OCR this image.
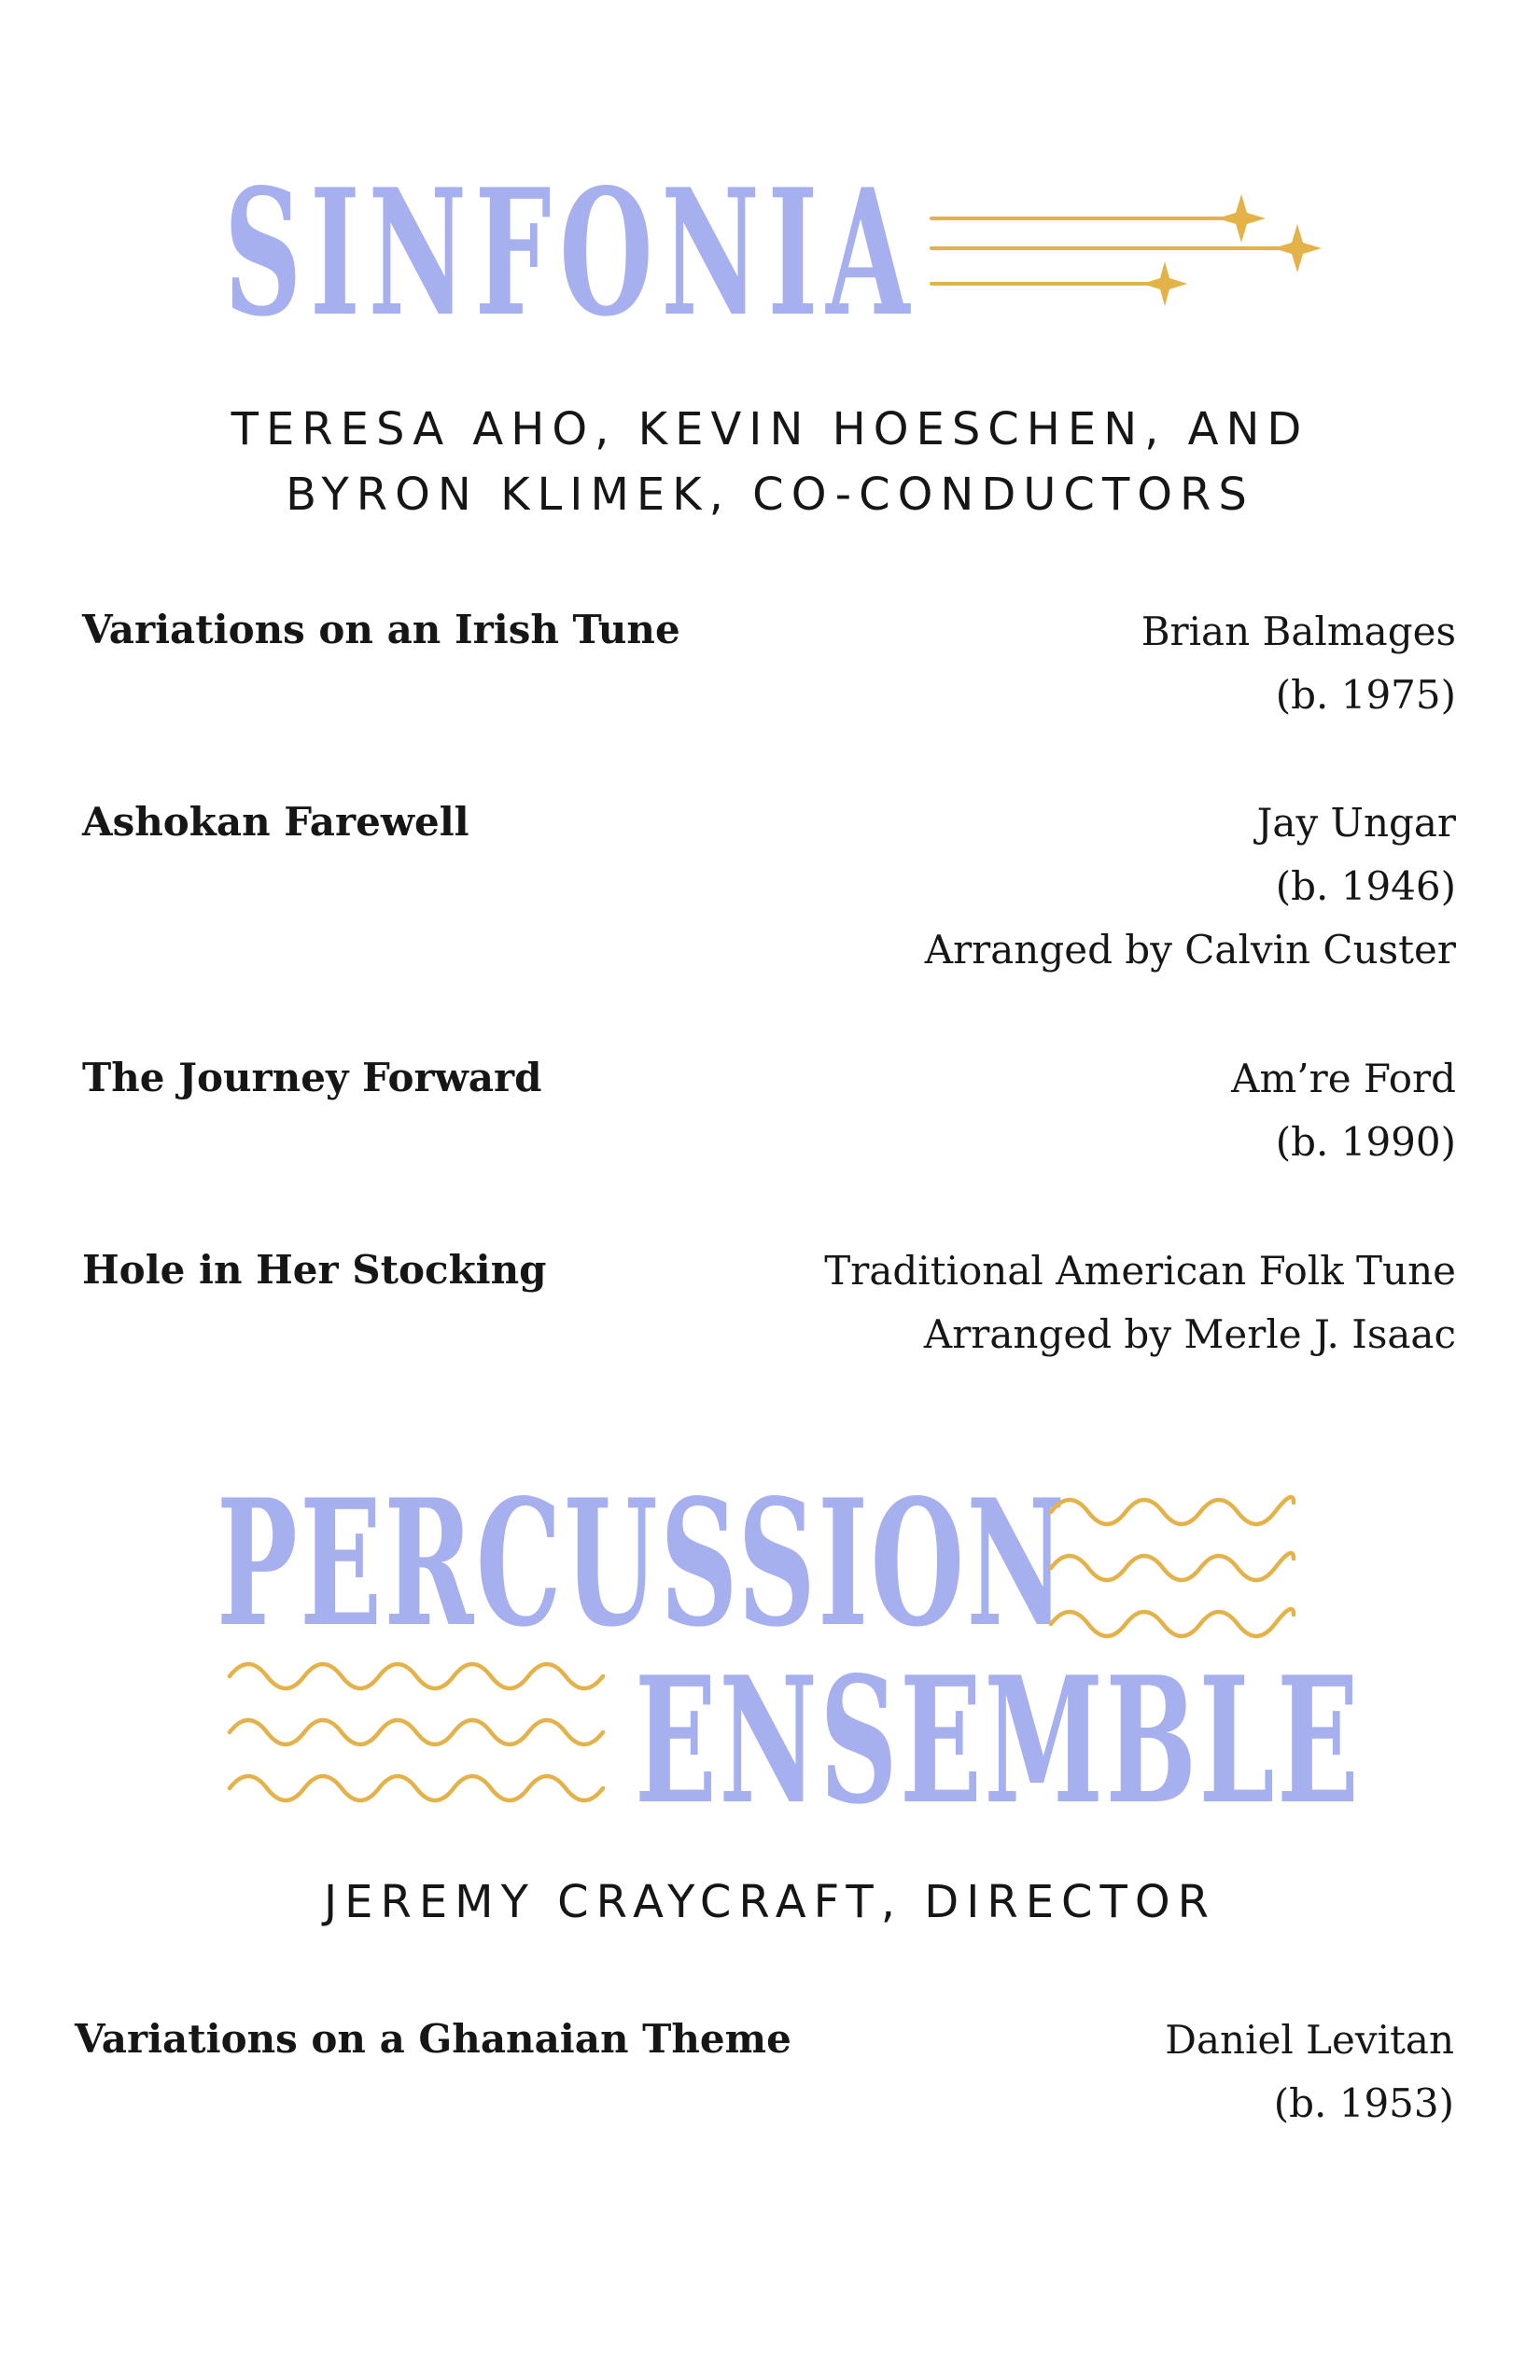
SINFONIA
TERESA AHO, KEVIN HOESCHEN, AND
BYRON KLIMEK, CO-CONDUCTORS
Variations on an Irish Tune	Brian Balmages
(b. 1975)
Ashokan Farewell	Jay Ungar
(b. 1946)
Arranged by Calvin Custer
The Journey Forward	Am’re Ford
(b. 1990)
Hole in Her Stocking	Traditional American Folk Tune
Arranged by Merle J. Isaac
PERCUSSION
ENSEMBLE
JEREMY CRAYCRAFT, DIRECTOR
Variations on a Ghanaian Theme	Daniel Levitan
(b. 1953)
